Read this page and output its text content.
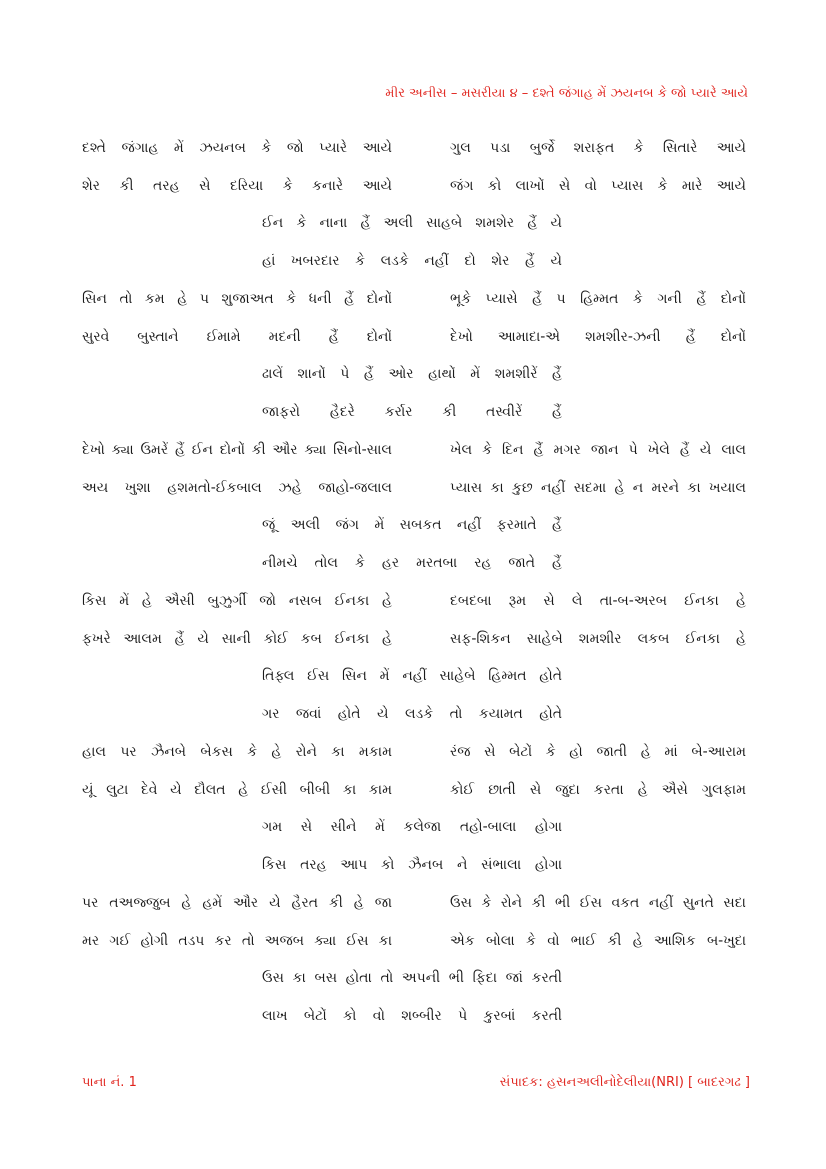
મીર અનીસ – મસરીયા ૪ – દશ્તે જંગાહ મેં ઝયનબ કે જો પ્યારે આયે
દશ્તે જંગાહ મેં ઝયનબ કે જો પ્યારે આયે	ગુલ પડા બુર્જે શરાફત કે સિતારે આયે
શેર કી તરહ સે દરિયા કે કનારે આયે	જંગ કો લાખોં સે વો પ્યાસ કે મારે આયે
ઈન કે નાના હૈં અલી સાહબે શમશેર હૈં યે
હાં ખબરદાર કે લડકે નહીં દો શેર હૈં યે
સિન તો કમ હે પ શુજાઅત કે ધની હૈં દોનોં	ભૂકે પ્યાસે હૈં પ હિમ્મત કે ગની હૈં દોનોં
સુરવે બુસ્તાને ઈમામે મદની હૈં દોનોં	દેખો આમાદા-એ શમશીર-ઝની હૈં દોનોં
ઢાલેં શાનોં પે હૈં ઓર હાથોં મેં શમશીરેં હૈં
જાફરો હૈદરે કર્રાર કી તસ્વીરેં હૈં
દેખો ક્યા ઉમરેં હૈં ઈન દોનોં કી ઔર ક્યા સિનો-સાલ	ખેલ કે દિન હૈં મગર જાન પે ખેલે હૈં યે લાલ
અય ખુશા હશમતો-ઈકબાલ ઝહે જાહો-જલાલ	પ્યાસ કા કુછ નહીં સદમા હે ન મરને કા ખયાલ
જૂં અલી જંગ મેં સબકત નહીં ફરમાતે હૈં
નીમચે તોલ કે હર મરતબા રહ જાતે હૈં
કિસ મેં હે ઐસી બુઝુર્ગી જો નસબ ઈનકા હે	દબદબા રૂમ સે લે તા-બ-અરબ ઈનકા હે
ફખરે આલમ હૈં યે સાની કોઈ કબ ઈનકા હે	સફ-શિકન સાહેબે શમશીર લકબ ઈનકા હે
તિફ્લ ઈસ સિન મેં નહીં સાહેબે હિમ્મત હોતે
ગર જવાં હોતે યે લડકે તો કયામત હોતે
હાલ પર ઝૈનબે બેકસ કે હે રોને કા મકામ	રંજ સે બેટોં કે હો જાતી હે માં બે-આરામ
યૂં લુટા દેવે યે દૌલત હે ઈસી બીબી કા કામ	કોઈ છાતી સે જુદા કરતા હે ઐસે ગુલફામ
ગમ સે સીને મેં કલેજા તહો-બાલા હોગા
કિસ તરહ આપ કો ઝૈનબ ને સંભાલા હોગા
પર તઅજ્જુબ હે હમેં ઔર યે હૈરત કી હે જા	ઉસ કે રોને કી ભી ઈસ વકત નહીં સુનતે સદા
મર ગઈ હોગી તડપ કર તો અજબ ક્યા ઈસ કા	એક બોલા કે વો ભાઈ કી હે આશિક બ-ખુદા
ઉસ કા બસ હોતા તો અપની ભી ફિદા જાં કરતી
લાખ બેટોં કો વો શબ્બીર પે કુરબાં કરતી
પાના નં. 1	સંપાદક: હસનઅલીનોદેલીયા(NRI) [ બાદરગઢ ]
